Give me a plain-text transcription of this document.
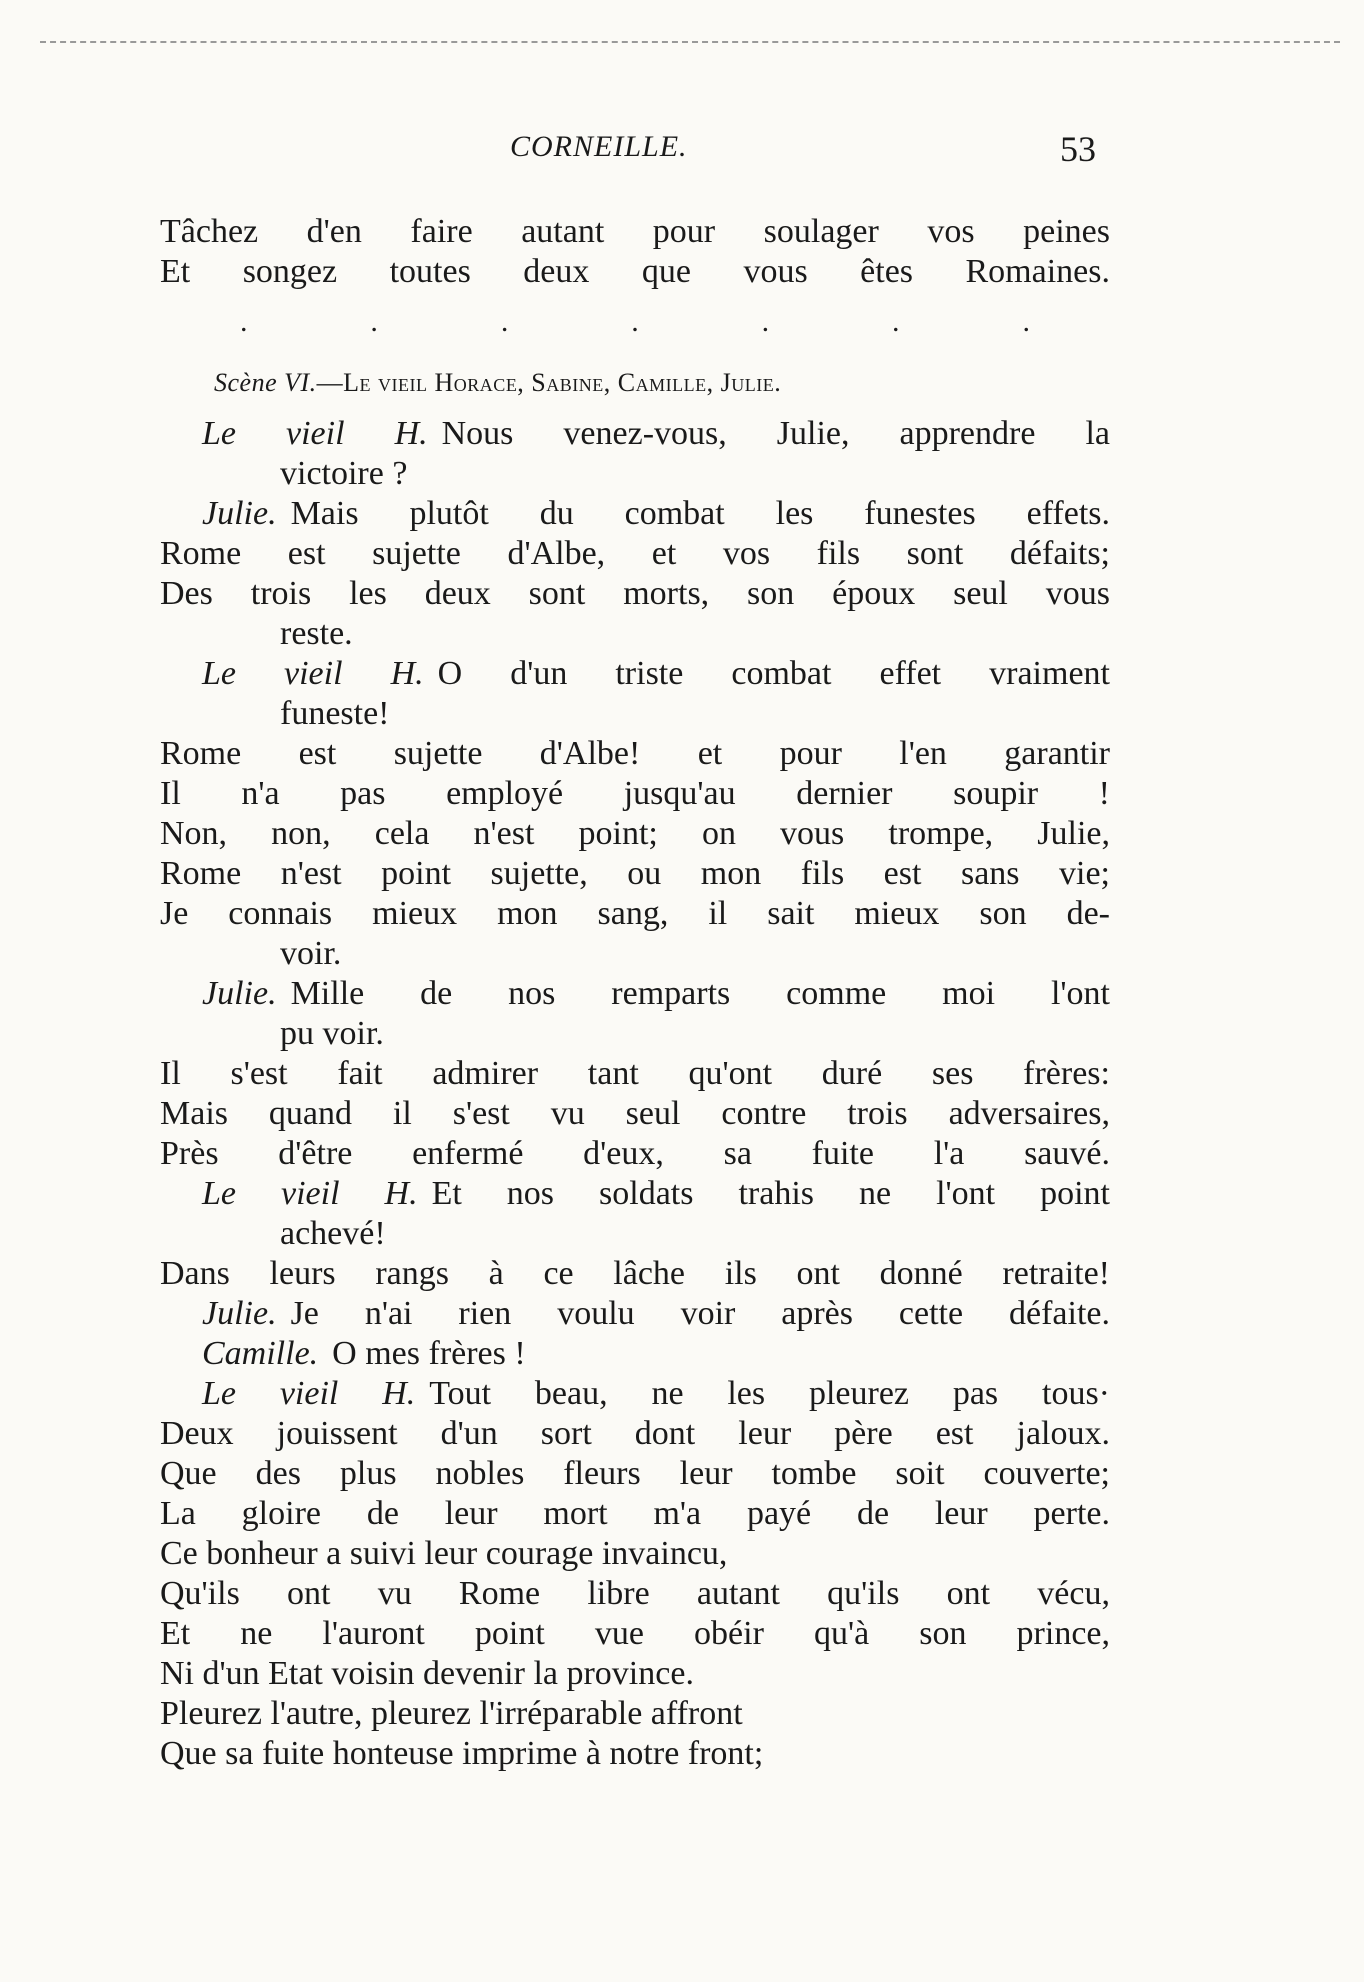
CORNEILLE.	53
Tâchez d'en faire autant pour soulager vos peines
Et songez toutes deux que vous êtes Romaines.
.	.	.	.	.	.	.
Scène VI.—Le vieil Horace, Sabine, Camille, Julie.
Le vieil H. Nous venez-vous, Julie, apprendre la
victoire ?
Julie. Mais plutôt du combat les funestes effets.
Rome est sujette d'Albe, et vos fils sont défaits;
Des trois les deux sont morts, son époux seul vous
reste.
Le vieil H. O d'un triste combat effet vraiment
funeste!
Rome est sujette d'Albe! et pour l'en garantir
Il n'a pas employé jusqu'au dernier soupir !
Non, non, cela n'est point; on vous trompe, Julie,
Rome n'est point sujette, ou mon fils est sans vie;
Je connais mieux mon sang, il sait mieux son de-
voir.
Julie. Mille de nos remparts comme moi l'ont
pu voir.
Il s'est fait admirer tant qu'ont duré ses frères:
Mais quand il s'est vu seul contre trois adversaires,
Près d'être enfermé d'eux, sa fuite l'a sauvé.
Le vieil H. Et nos soldats trahis ne l'ont point
achevé!
Dans leurs rangs à ce lâche ils ont donné retraite!
Julie. Je n'ai rien voulu voir après cette défaite.
Camille. O mes frères !
Le vieil H. Tout beau, ne les pleurez pas tous·
Deux jouissent d'un sort dont leur père est jaloux.
Que des plus nobles fleurs leur tombe soit couverte;
La gloire de leur mort m'a payé de leur perte.
Ce bonheur a suivi leur courage invaincu,
Qu'ils ont vu Rome libre autant qu'ils ont vécu,
Et ne l'auront point vue obéir qu'à son prince,
Ni d'un Etat voisin devenir la province.
Pleurez l'autre, pleurez l'irréparable affront
Que sa fuite honteuse imprime à notre front;
